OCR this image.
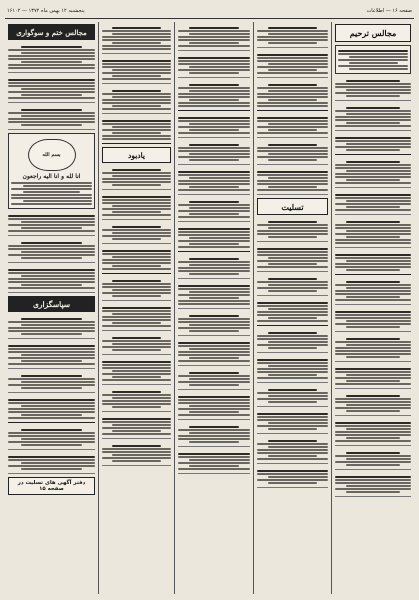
صفحه ۱۶ — اطلاعات
پنجشنبه ۱۲ بهمن ماه ۱۳۷۲ — ۱۶۱۰۲
مجالس ترحیم
تسلیت
یادبود
مجالس ختم و سوگواری
بسم الله
انا لله و انا الیه راجعون
سپاسگزاری
دفتر آگهی های تسلیت در صفحه ۱۵
